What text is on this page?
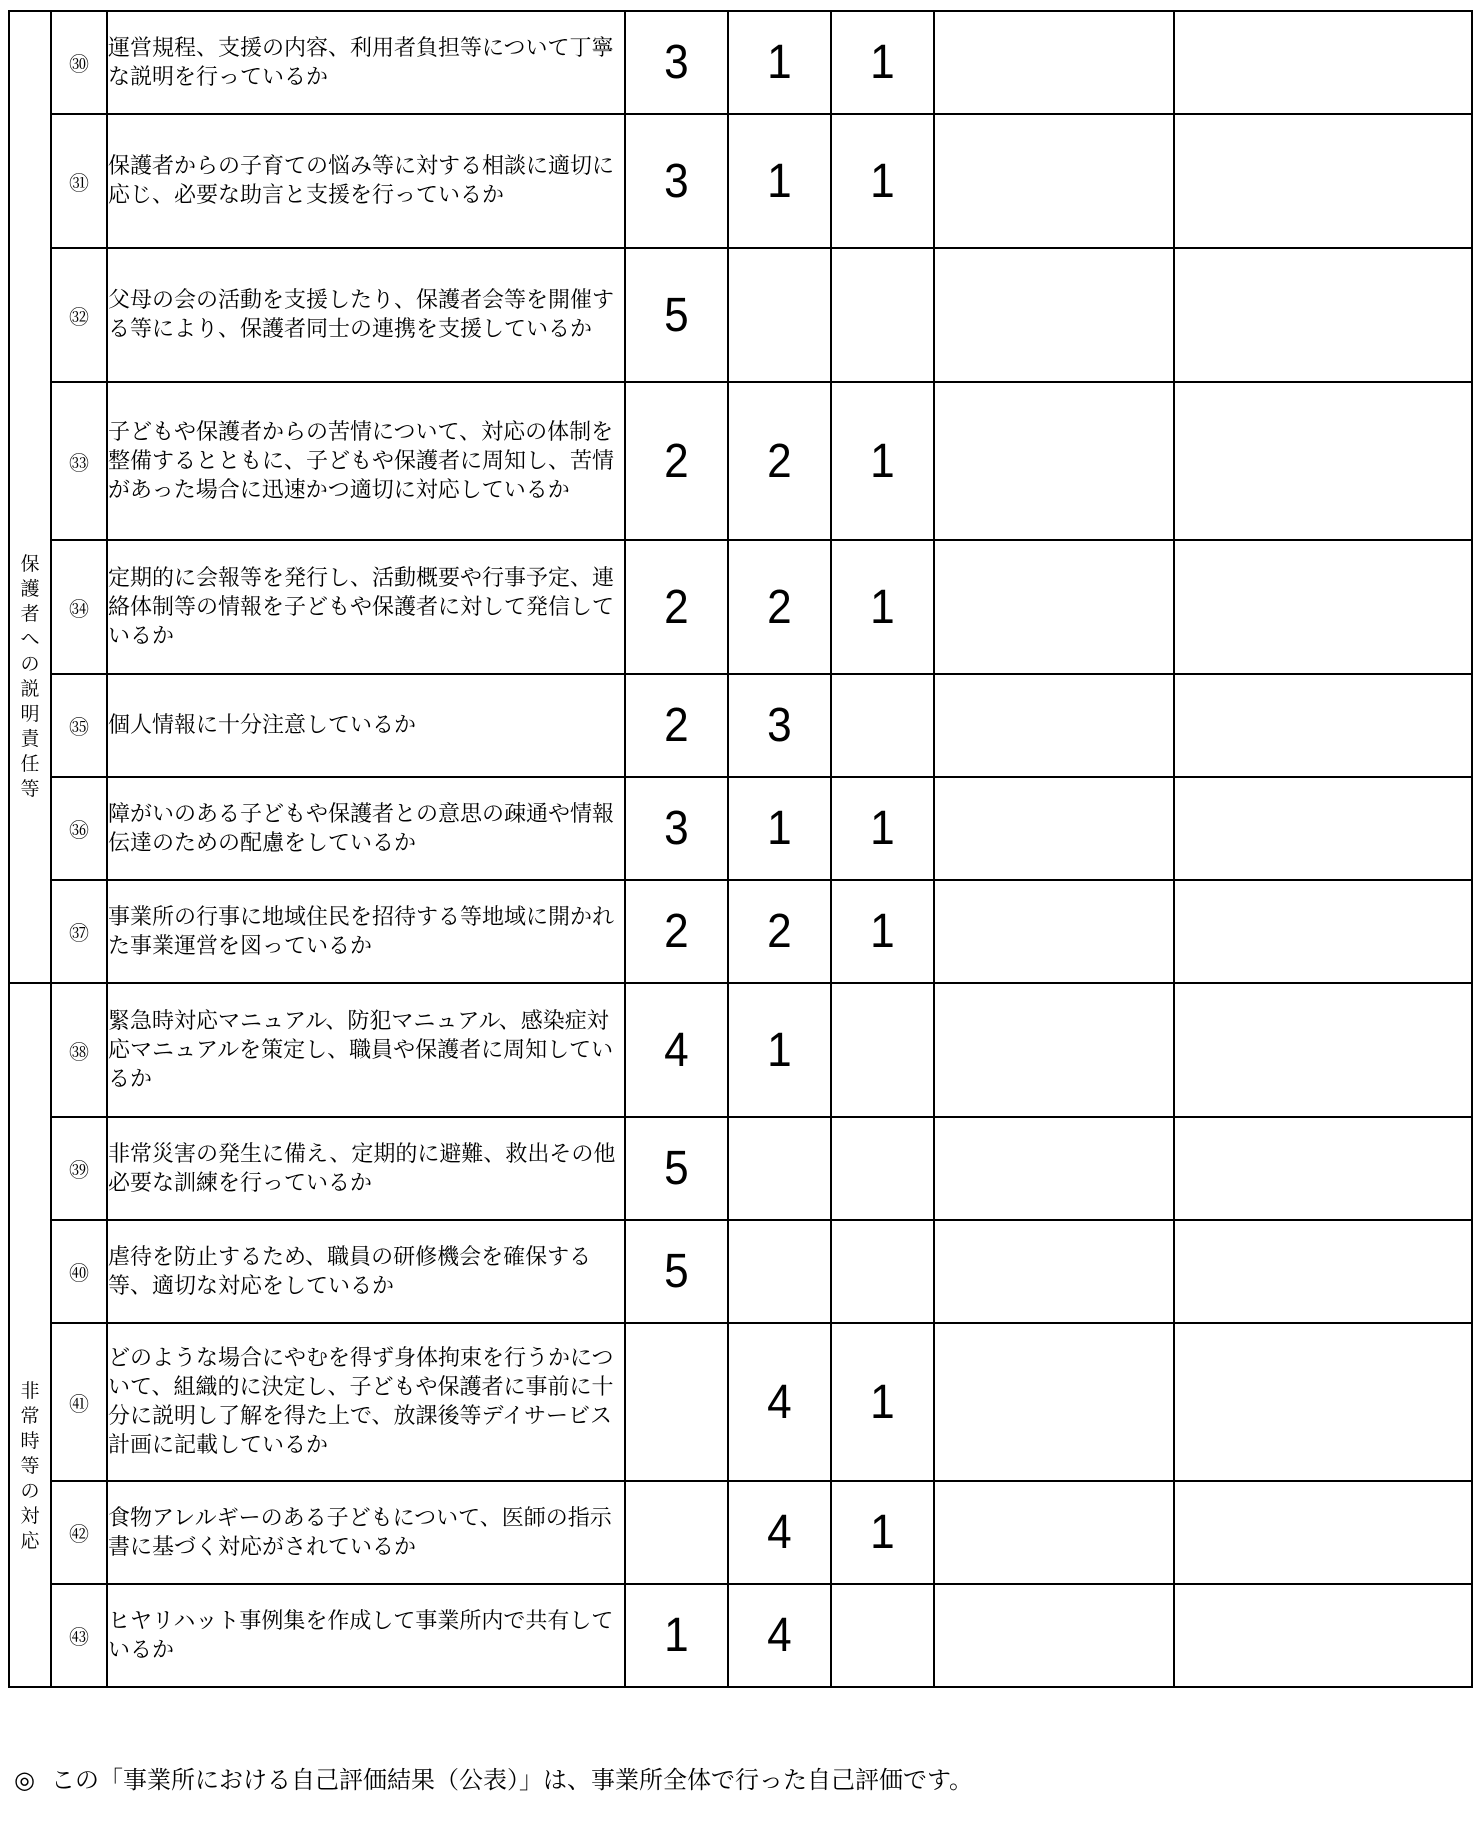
保護者への説明責任等	㉚	運営規程、支援の内容、利用者負担等について丁寧な説明を行っているか	3	1	1		
	㉛	保護者からの子育ての悩み等に対する相談に適切に応じ、必要な助言と支援を行っているか	3	1	1		
	㉜	父母の会の活動を支援したり、保護者会等を開催する等により、保護者同士の連携を支援しているか	5				
	㉝	子どもや保護者からの苦情について、対応の体制を整備するとともに、子どもや保護者に周知し、苦情があった場合に迅速かつ適切に対応しているか	2	2	1		
	㉞	定期的に会報等を発行し、活動概要や行事予定、連絡体制等の情報を子どもや保護者に対して発信しているか	2	2	1		
	㉟	個人情報に十分注意しているか	2	3			
	㊱	障がいのある子どもや保護者との意思の疎通や情報伝達のための配慮をしているか	3	1	1		
	㊲	事業所の行事に地域住民を招待する等地域に開かれた事業運営を図っているか	2	2	1		
非常時等の対応	㊳	緊急時対応マニュアル、防犯マニュアル、感染症対応マニュアルを策定し、職員や保護者に周知しているか	4	1			
	㊴	非常災害の発生に備え、定期的に避難、救出その他必要な訓練を行っているか	5				
	㊵	虐待を防止するため、職員の研修機会を確保する等、適切な対応をしているか	5				
	㊶	どのような場合にやむを得ず身体拘束を行うかについて、組織的に決定し、子どもや保護者に事前に十分に説明し了解を得た上で、放課後等デイサービス計画に記載しているか		4	1		
	㊷	食物アレルギーのある子どもについて、医師の指示書に基づく対応がされているか		4	1		
	㊸	ヒヤリハット事例集を作成して事業所内で共有しているか	1	4			
◎ この「事業所における自己評価結果（公表）」は、事業所全体で行った自己評価です。
